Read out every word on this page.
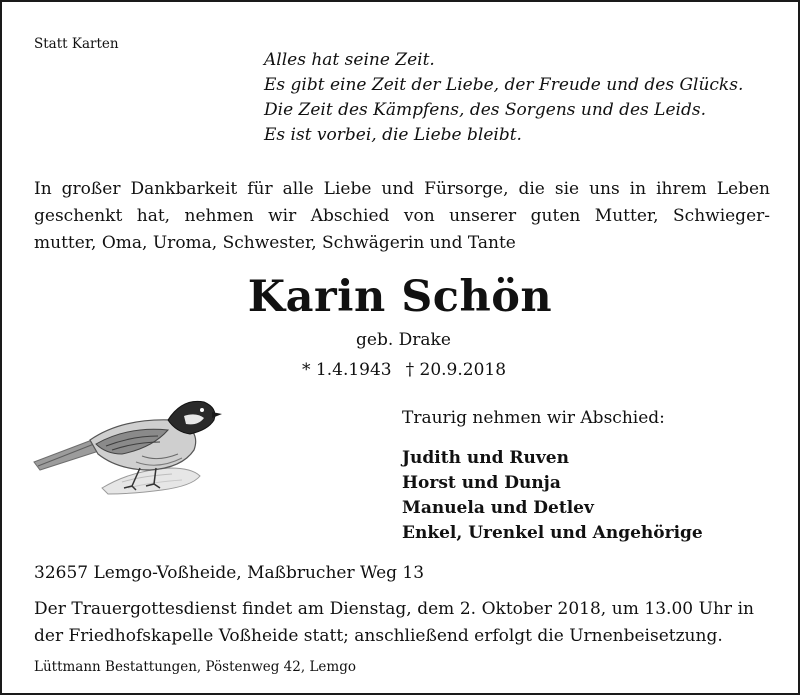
Statt Karten
Alles hat seine Zeit.
Es gibt eine Zeit der Liebe, der Freude und des Glücks.
Die Zeit des Kämpfens, des Sorgens und des Leids.
Es ist vorbei, die Liebe bleibt.
In großer Dankbarkeit für alle Liebe und Fürsorge, die sie uns in ihrem Leben
geschenkt hat, nehmen wir Abschied von unserer guten Mutter, Schwieger-
mutter, Oma, Uroma, Schwester, Schwägerin und Tante
Karin Schön
geb. Drake
* 1.4.1943 † 20.9.2018
Traurig nehmen wir Abschied:
Judith und Ruven
Horst und Dunja
Manuela und Detlev
Enkel, Urenkel und Angehörige
32657 Lemgo-Voßheide, Maßbrucher Weg 13
Der Trauergottesdienst findet am Dienstag, dem 2. Oktober 2018, um 13.00 Uhr in
der Friedhofskapelle Voßheide statt; anschließend erfolgt die Urnenbeisetzung.
Lüttmann Bestattungen, Pöstenweg 42, Lemgo
